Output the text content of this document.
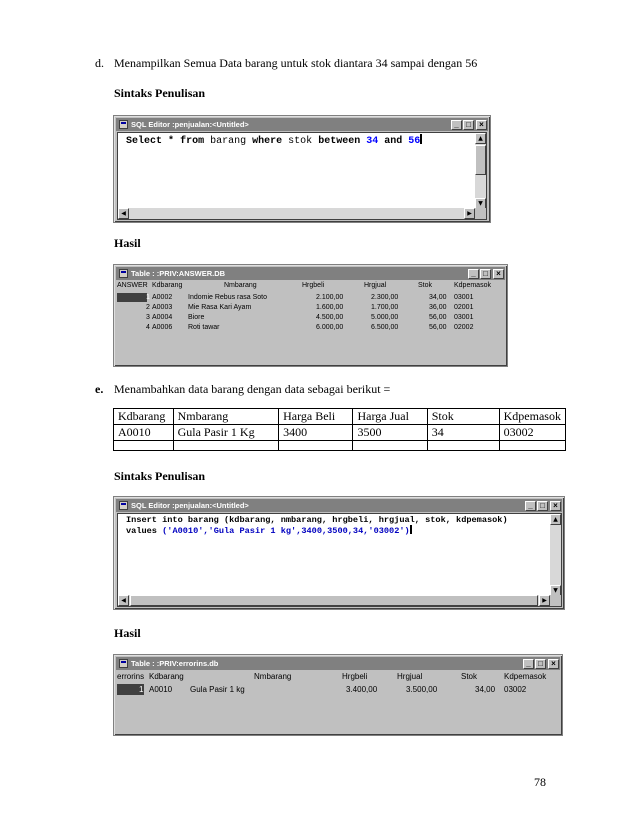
d. Menampilkan Semua Data barang untuk stok diantara 34 sampai dengan 56
Sintaks Penulisan
SQL Editor :penjualan:<Untitled>	_ □	×
Select * from barang where stok between 34 and 56	▲
▼
◀	▶
Hasil
Table : :PRIV:ANSWER.DB	_ □	×
ANSWER Kdbarang	Nmbarang	Hrgbeli	Hrgjual	Stok	Kdpemasok
1 A0002 Indomie Rebus rasa Soto	2.100,00	2.300,00	34,00 03001
2 A0003 Mie Rasa Kari Ayam	1.600,00	1.700,00	36,00 02001
3 A0004 Biore	4.500,00	5.000,00	56,00 03001
4 A0006 Roti tawar	6.000,00	6.500,00	56,00 02002
e. Menambahkan data barang dengan data sebagai berikut =
Kdbarang	Nmbarang	Harga Beli	Harga Jual	Stok	Kdpemasok
A0010	Gula Pasir 1 Kg	3400	3500	34	03002

Sintaks Penulisan
SQL Editor :penjualan:<Untitled>	_ □	×
Insert into barang (kdbarang, nmbarang, hrgbeli, hrgjual, stok, kdpemasok)
values ('A0010','Gula Pasir 1 kg',3400,3500,34,'03002')
▲
▼
◀	▶
Hasil
Table : :PRIV:errorins.db	_ □	×
errorins Kdbarang	Nmbarang	Hrgbeli	Hrgjual	Stok	Kdpemasok
1 A0010 Gula Pasir 1 kg	3.400,00	3.500,00	34,00 03002
78
